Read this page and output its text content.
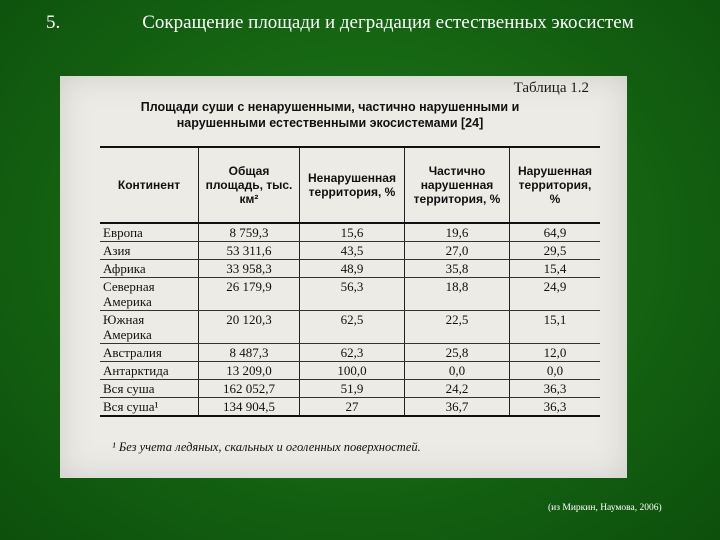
5.	Сокращение площади и деградация естественных экосистем
Таблица 1.2
Площади суши с ненарушенными, частично нарушенными и нарушенными естественными экосистемами [24]
Континент	Общая площадь, тыс. км²	Ненарушенная территория, %	Частично нарушенная территория, %	Нарушенная территория, %
Европа	8 759,3	15,6	19,6	64,9
Азия	53 311,6	43,5	27,0	29,5
Африка	33 958,3	48,9	35,8	15,4
Северная Америка	26 179,9	56,3	18,8	24,9
Южная Америка	20 120,3	62,5	22,5	15,1
Австралия	8 487,3	62,3	25,8	12,0
Антарктида	13 209,0	100,0	0,0	0,0
Вся суша	162 052,7	51,9	24,2	36,3
Вся суша¹	134 904,5	27	36,7	36,3
¹ Без учета ледяных, скальных и оголенных поверхностей.
(из Миркин, Наумова, 2006)
